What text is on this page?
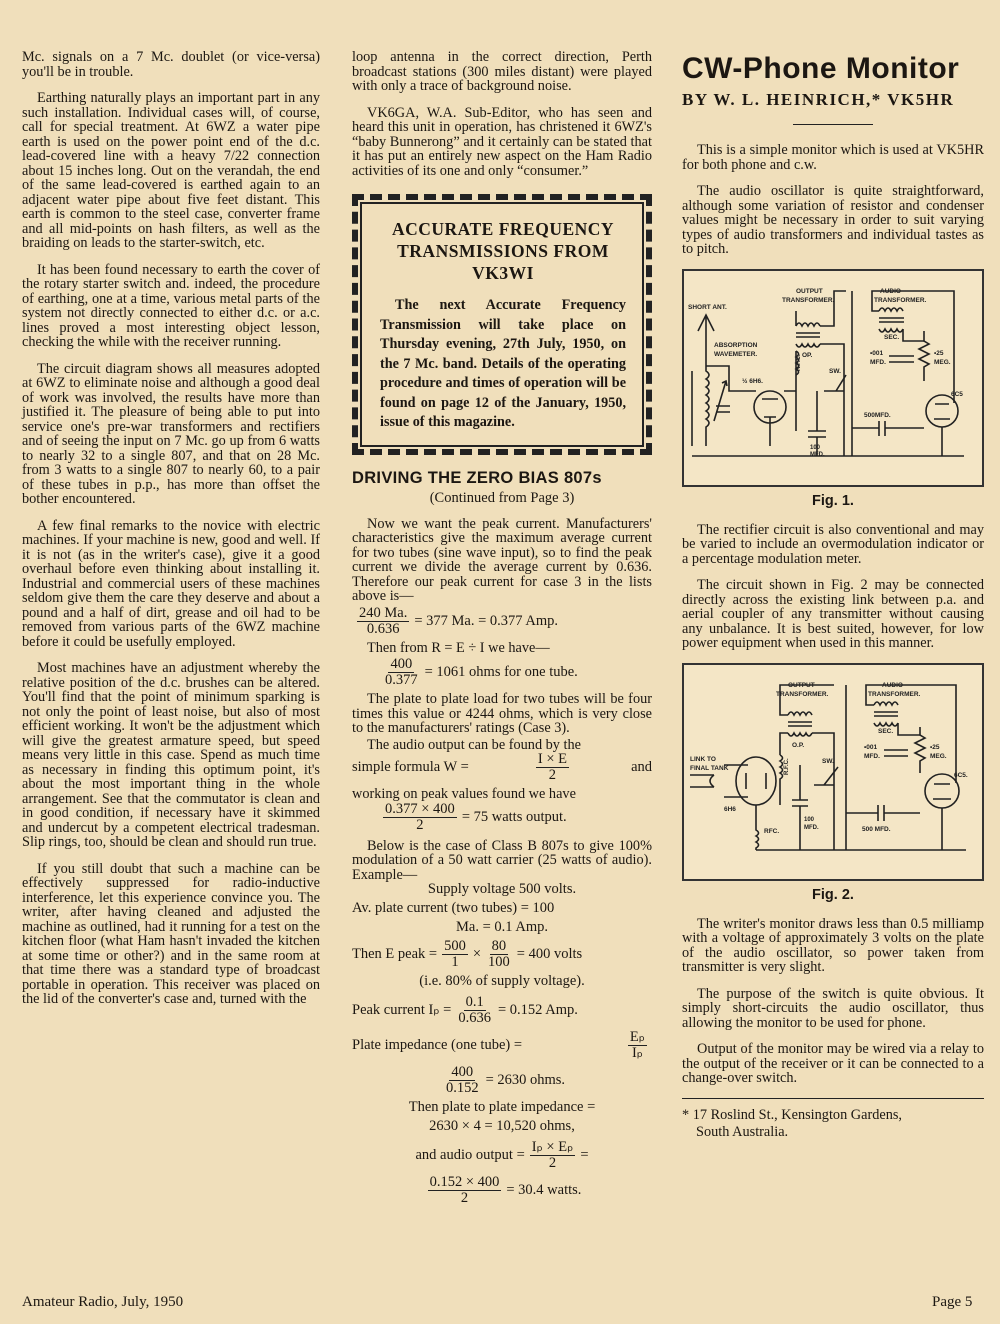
Mc. signals on a 7 Mc. doublet (or vice-versa) you'll be in trouble.

Earthing naturally plays an important part in any such installation. Individual cases will, of course, call for special treatment. At 6WZ a water pipe earth is used on the power point end of the d.c. lead-covered line with a heavy 7/22 connection about 15 inches long. Out on the verandah, the end of the same lead-covered is earthed again to an adjacent water pipe about five feet distant. This earth is common to the steel case, converter frame and all mid-points on hash filters, as well as the braiding on leads to the starter-switch, etc.

It has been found necessary to earth the cover of the rotary starter switch and. indeed, the procedure of earthing, one at a time, various metal parts of the system not directly connected to either d.c. or a.c. lines proved a most interesting object lesson, checking the while with the receiver running.

The circuit diagram shows all measures adopted at 6WZ to eliminate noise and although a good deal of work was involved, the results have more than justified it. The pleasure of being able to put into service one's pre-war transformers and rectifiers and of seeing the input on 7 Mc. go up from 6 watts to nearly 32 to a single 807, and that on 28 Mc. from 3 watts to a single 807 to nearly 60, to a pair of these tubes in p.p., has more than offset the bother encountered.

A few final remarks to the novice with electric machines. If your machine is new, good and well. If it is not (as in the writer's case), give it a good overhaul before even thinking about installing it. Industrial and commercial users of these machines seldom give them the care they deserve and about a pound and a half of dirt, grease and oil had to be removed from various parts of the 6WZ machine before it could be usefully employed.

Most machines have an adjustment whereby the relative position of the d.c. brushes can be altered. You'll find that the point of minimum sparking is not only the point of least noise, but also of most efficient working. It won't be the adjustment which will give the greatest armature speed, but speed means very little in this case. Spend as much time as necessary in finding this optimum point, it's about the most important thing in the whole arrangement. See that the commutator is clean and in good condition, if necessary have it skimmed and undercut by a competent electrical tradesman. Slip rings, too, should be clean and should run true.

If you still doubt that such a machine can be effectively suppressed for radio-inductive interference, let this experience convince you. The writer, after having cleaned and adjusted the machine as outlined, had it running for a test on the kitchen floor (what Ham hasn't invaded the kitchen at some time or other?) and in the same room at that time there was a standard type of broadcast portable in operation. This receiver was placed on the lid of the converter's case and, turned with the

loop antenna in the correct direction, Perth broadcast stations (300 miles distant) were played with only a trace of background noise.

VK6GA, W.A. Sub-Editor, who has seen and heard this unit in operation, has christened it 6WZ's “baby Bunnerong” and it certainly can be stated that it has put an entirely new aspect on the Ham Radio activities of its one and only “consumer.”

ACCURATE FREQUENCY TRANSMISSIONS FROM VK3WI
The next Accurate Frequency Transmission will take place on Thursday evening, 27th July, 1950, on the 7 Mc. band. Details of the operating procedure and times of operation will be found on page 12 of the January, 1950, issue of this magazine.
DRIVING THE ZERO BIAS 807s
(Continued from Page 3)

Now we want the peak current. Manufacturers' characteristics give the maximum average current for two tubes (sine wave input), so to find the peak current we divide the average current by 0.636. Therefore our peak current for case 3 in the lists above is—

$\frac{240 Ma.}{0.636} = 377$ Ma. = 0.377 Amp.

Then from R = E ÷ I we have—

$\frac{400}{0.377} = 1061$ ohms for one tube.

The plate to plate load for two tubes will be four times this value or 4244 ohms, which is very close to the manufacturers' ratings (Case 3).

The audio output can be found by the

simple formula W =	$\frac{I \times E}{2}$	and

working on peak values found we have

$\frac{0.377 \times 400}{2} = 75$ watts output.

Below is the case of Class B 807s to give 100% modulation of a 50 watt carrier (25 watts of audio). Example—

Supply voltage 500 volts.
Av. plate current (two tubes) = 100
Ma. = 0.1 Amp.
Then E peak = $\frac{500}{1} \times \frac{80}{100} = 400$ volts
(i.e. 80% of supply voltage).
Peak current $I_p = \frac{0.1}{0.636} = 0.152$ Amp.
Plate impedance (one tube) =	$\frac{\text{Eₚ}}{\text{Iₚ}}$
$\frac{400}{0.152} = 2630$ ohms.
Then plate to plate impedance =
2630 × 4 = 10,520 ohms,
and audio output = $\frac{\text{Iₚ × Eₚ}}{2}$ =
$\frac{0.152 \times 400}{2} = 30.4$ watts.
CW-Phone Monitor
BY W. L. HEINRICH,* VK5HR

This is a simple monitor which is used at VK5HR for both phone and c.w.

The audio oscillator is quite straightforward, although some variation of resistor and condenser values might be necessary in order to suit varying types of audio transformers and individual tastes as to pitch.

SHORT ANT.
ABSORPTION
WAVEMETER.
OUTPUT
TRANSFORMER.
AUDIO
TRANSFORMER.
OP.
SEC.
½ 6H6.
R.F.C.
SW.
100
MFD.
•001
MFD.
•25
MEG.
500MFD.
6C5
Fig. 1.

The rectifier circuit is also conventional and may be varied to include an overmodulation indicator or a percentage modulation meter.

The circuit shown in Fig. 2 may be connected directly across the existing link between p.a. and aerial coupler of any transmitter without causing any unbalance. It is best suited, however, for low power equipment when used in this manner.

OUTPUT
TRANSFORMER.
AUDIO
TRANSFORMER.
O.P.
SEC.
LINK TO
FINAL TANK	R.F.C.
RFC.
6H6
SW.
100
MFD.
•001
MFD.
•25
MEG.
500 MFD.
6C5.
Fig. 2.

The writer's monitor draws less than 0.5 milliamp with a voltage of approximately 3 volts on the plate of the audio oscillator, so power taken from transmitter is very slight.

The purpose of the switch is quite obvious. It simply short-circuits the audio oscillator, thus allowing the monitor to be used for phone.

Output of the monitor may be wired via a relay to the output of the receiver or it can be connected to a change-over switch.

* 17 Roslind St., Kensington Gardens,
South Australia.
Amateur Radio, July, 1950	Page 5
